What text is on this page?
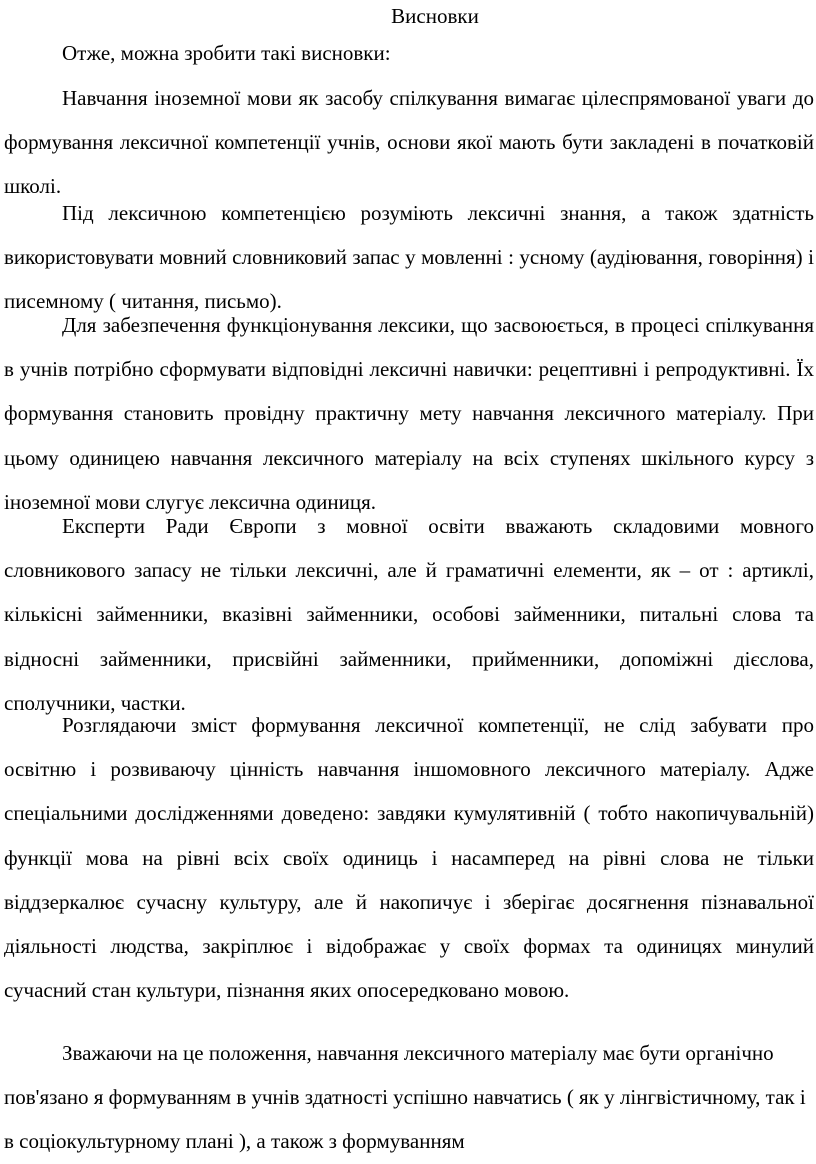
Висновки

Отже, можна зробити такі висновки:

Навчання іноземної мови як засобу спілкування вимагає цілеспрямованої уваги до формування лексичної компетенції учнів, основи якої мають бути закладені в початковій школі.

Під лексичною компетенцією розуміють лексичні знання, а також здатність використовувати мовний словниковий запас у мовленні : усному (аудіювання, говоріння) і писемному ( читання, письмо).

Для забезпечення функціонування лексики, що засвоюється, в процесі спілкування в учнів потрібно сформувати відповідні лексичні навички: рецептивні і репродуктивні. Їх формування становить провідну практичну мету навчання лексичного матеріалу. При цьому одиницею навчання лексичного матеріалу на всіх ступенях шкільного курсу з іноземної мови слугує лексична одиниця.

Експерти Ради Європи з мовної освіти вважають складовими мовного словникового запасу не тільки лексичні, але й граматичні елементи, як – от : артиклі, кількісні займенники, вказівні займенники, особові займенники, питальні слова та відносні займенники, присвійні займенники, прийменники, допоміжні дієслова, сполучники, частки.

Розглядаючи зміст формування лексичної компетенції, не слід забувати про освітню і розвиваючу цінність навчання іншомовного лексичного матеріалу. Адже спеціальними дослідженнями доведено: завдяки кумулятивній ( тобто накопичувальній) функції мова на рівні всіх своїх одиниць і насамперед на рівні слова не тільки віддзеркалює сучасну культуру, але й накопичує і зберігає досягнення пізнавальної діяльності людства, закріплює і відображає у своїх формах та одиницях минулий сучасний стан культури, пізнання яких опосередковано мовою.

Зважаючи на це положення, навчання лексичного матеріалу має бути органічно пов'язано я формуванням в учнів здатності успішно навчатись ( як у лінгвістичному, так і в соціокультурному плані ), а також з формуванням
